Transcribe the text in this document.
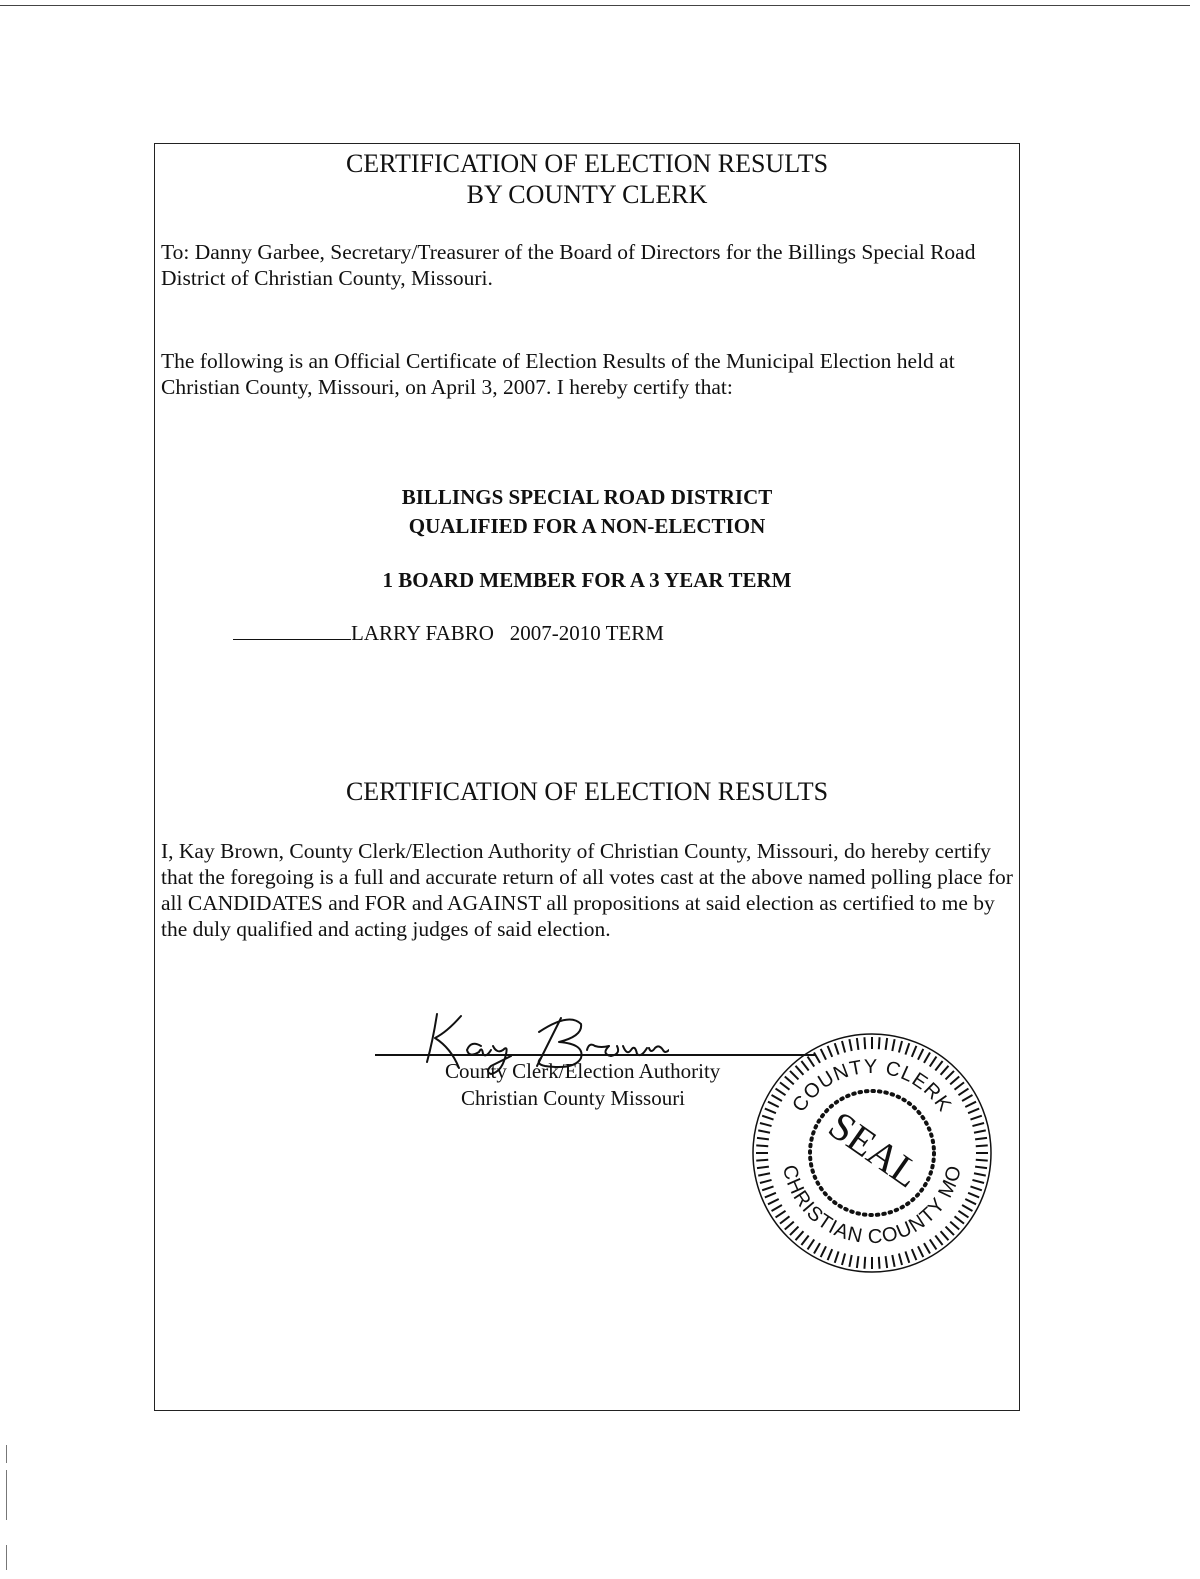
CERTIFICATION OF ELECTION RESULTS
BY COUNTY CLERK
To: Danny Garbee, Secretary/Treasurer of the Board of Directors for the Billings Special Road District of Christian County, Missouri.
The following is an Official Certificate of Election Results of the Municipal Election held at Christian County, Missouri, on April 3, 2007. I hereby certify that:
BILLINGS SPECIAL ROAD DISTRICT
QUALIFIED FOR A NON-ELECTION
1 BOARD MEMBER FOR A 3 YEAR TERM
LARRY FABRO 2007-2010 TERM
CERTIFICATION OF ELECTION RESULTS
I, Kay Brown, County Clerk/Election Authority of Christian County, Missouri, do hereby certify that the foregoing is a full and accurate return of all votes cast at the above named polling place for all CANDIDATES and FOR and AGAINST all propositions at said election as certified to me by the duly qualified and acting judges of said election.
County Clerk/Election Authority
Christian County Missouri	COUNTY CLERK
CHRISTIAN COUNTY MO
SEAL
